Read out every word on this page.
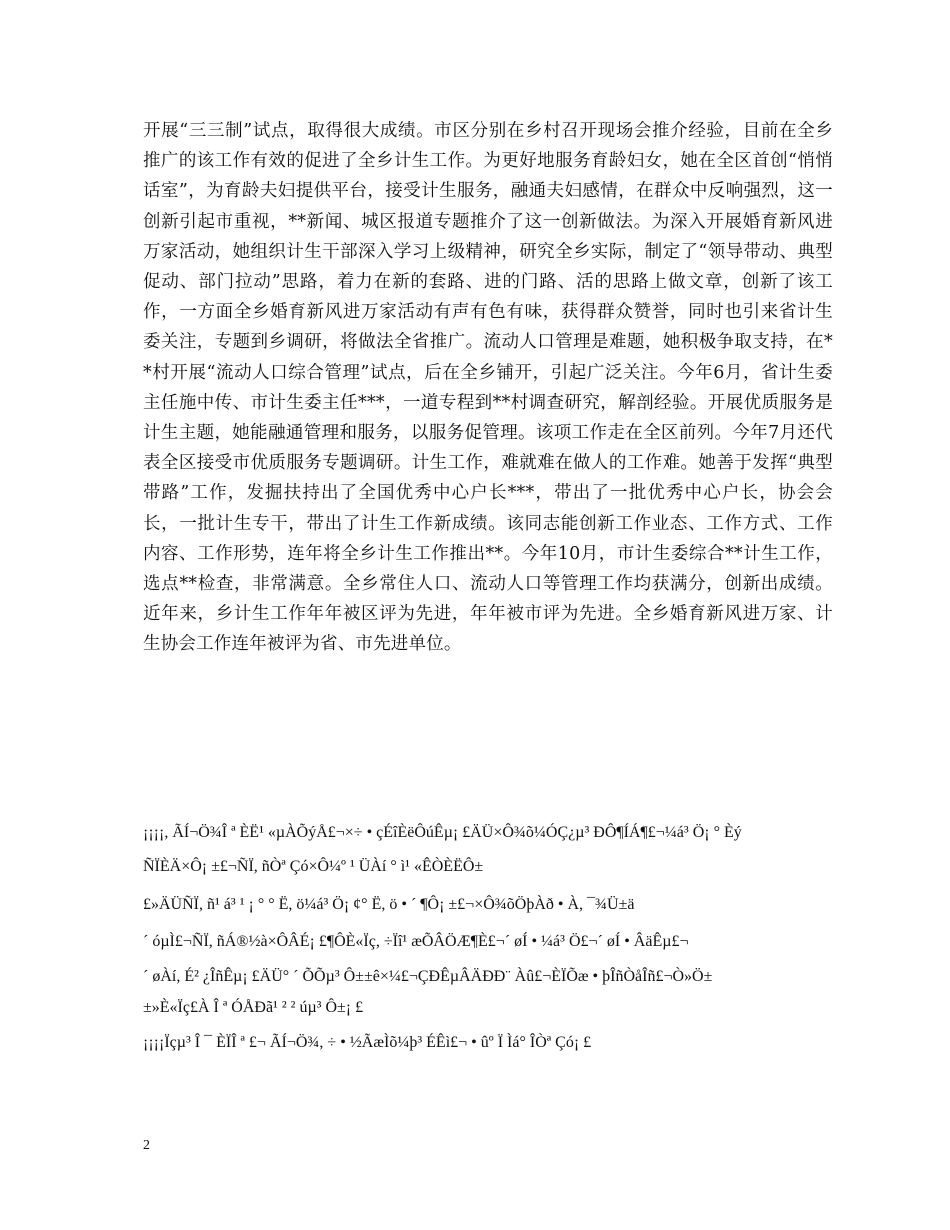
开展“三三制”试点，取得很大成绩。市区分别在乡村召开现场会推介经验，目前在全乡推广的该工作有效的促进了全乡计生工作。为更好地服务育龄妇女，她在全区首创“悄悄话室”，为育龄夫妇提供平台，接受计生服务，融通夫妇感情，在群众中反响强烈，这一创新引起市重视，**新闻、城区报道专题推介了这一创新做法。为深入开展婚育新风进万家活动，她组织计生干部深入学习上级精神，研究全乡实际，制定了“领导带动、典型促动、部门拉动”思路，着力在新的套路、进的门路、活的思路上做文章，创新了该工作，一方面全乡婚育新风进万家活动有声有色有味，获得群众赞誉，同时也引来省计生委关注，专题到乡调研，将做法全省推广。流动人口管理是难题，她积极争取支持，在**村开展“流动人口综合管理”试点，后在全乡铺开，引起广泛关注。今年6月，省计生委主任施中传、市计生委主任***，一道专程到**村调查研究，解剖经验。开展优质服务是计生主题，她能融通管理和服务，以服务促管理。该项工作走在全区前列。今年7月还代表全区接受市优质服务专题调研。计生工作，难就难在做人的工作难。她善于发挥“典型带路”工作，发掘扶持出了全国优秀中心户长***，带出了一批优秀中心户长，协会会长，一批计生专干，带出了计生工作新成绩。该同志能创新工作业态、工作方式、工作内容、工作形势，连年将全乡计生工作推出**。今年10月，市计生委综合**计生工作，选点**检查，非常满意。全乡常住人口、流动人口等管理工作均获满分，创新出成绩。近年来，乡计生工作年年被区评为先进，年年被市评为先进。全乡婚育新风进万家、计生协会工作连年被评为省、市先进单位。
¡¡¡¡, ÃÍ¬Ö¾Î ª ÈË¹ «µÀÕýÅ£¬×÷ • çÉîÈëÔúÊµ¡ £ÄÜ×Ô¾õ¼ÓÇ¿µ³ ÐÔ¶ÍÁ¶£¬¼á³ Ö¡ ° Èý
ÑÏÈÄ×Ô¡ ±£¬ÑÏ, ñÒª Çó×Ô¼º ¹ ÜÀí ° ì¹ «ÊÒÈËÔ±
£»ÄÜÑÏ, ñ¹ á³ ¹ ¡ ° ° Ë, ö¼á³ Ö¡ ¢° Ë, ö • ´ ¶Ô¡ ±£¬×Ô¾õÖþÀð • À, ¯¾Ü±ä
´ óµÌ£¬ÑÏ, ñÁ®½à×ÔÂÉ¡ £¶ÔÈ«Ïç, ÷Ïî¹ æÕÂÖÆ¶È£¬´ øÍ • ¼á³ Ö£¬´ øÍ • ÂäÊµ£¬
´ øÀí, É² ¿ÎñÊµ¡ £ÄÜ° ´ ÕÕµ³ Ô±±ê×¼£¬ÇÐÊµÂÄÐÐ¨ Àû£¬ÈÏÕæ • þÎñÒåÎñ£¬Ò»Ö±
±»È«Ïç£À Î ª ÓÅÐã¹ ² ² úµ³ Ô±¡ £
¡¡¡¡Ïçµ³ Î ¯ ÈÏÎ ª £¬ ÃÍ¬Ö¾, ÷ • ½ÃæÌõ¼þ³ ÉÊì£¬ • ûº Ï Ìá° ÎÒª Çó¡ £
2
